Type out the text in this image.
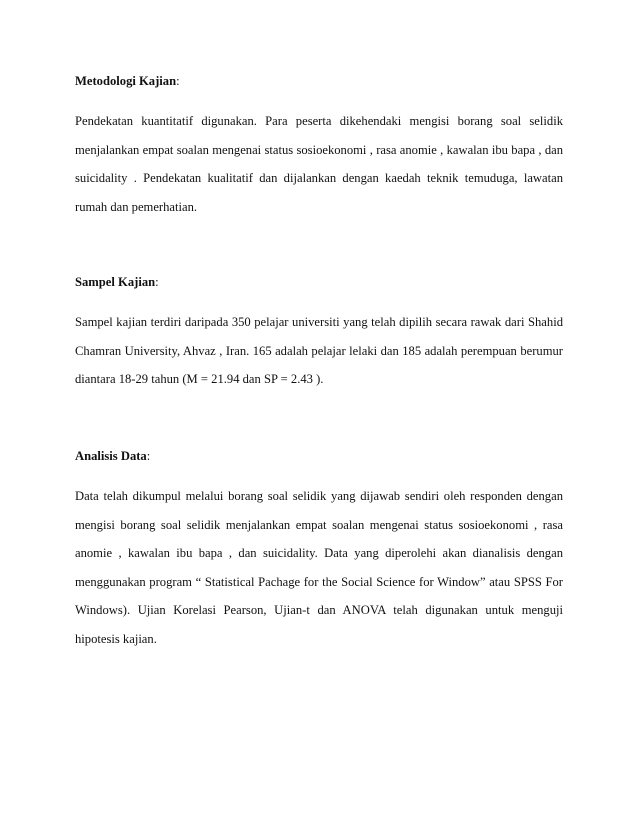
Metodologi Kajian:
Pendekatan kuantitatif digunakan. Para peserta dikehendaki mengisi borang soal selidik
menjalankan empat soalan mengenai status sosioekonomi , rasa anomie , kawalan ibu bapa , dan
suicidality . Pendekatan kualitatif dan dijalankan dengan kaedah teknik temuduga, lawatan
rumah dan pemerhatian.
Sampel Kajian:
Sampel kajian terdiri daripada 350 pelajar universiti yang telah dipilih secara rawak dari Shahid
Chamran University, Ahvaz , Iran. 165 adalah pelajar lelaki dan 185 adalah perempuan berumur
diantara 18-29 tahun (M = 21.94 dan SP = 2.43 ).
Analisis Data:
Data telah dikumpul melalui borang soal selidik yang dijawab sendiri oleh responden dengan
mengisi borang soal selidik menjalankan empat soalan mengenai status sosioekonomi , rasa
anomie , kawalan ibu bapa , dan suicidality. Data yang diperolehi akan dianalisis dengan
menggunakan program “ Statistical Pachage for the Social Science for Window” atau SPSS For
Windows). Ujian Korelasi Pearson, Ujian-t dan ANOVA telah digunakan untuk menguji
hipotesis kajian.
